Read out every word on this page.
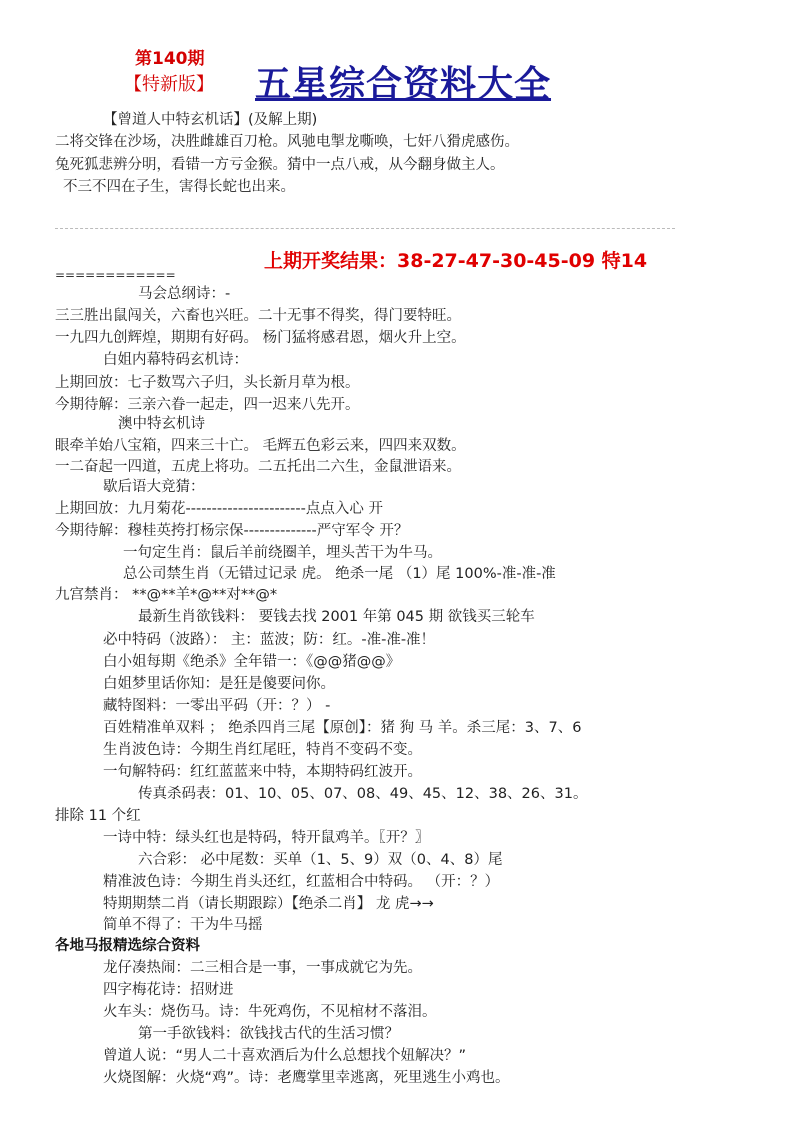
第140期
【特新版】 五星综合资料大全
【曾道人中特玄机话】(及解上期)
二将交锋在沙场，决胜雌雄百刀枪。风驰电掣龙嘶唤，七奸八猾虎感伤。
兔死狐悲辨分明，看错一方亏金猴。猜中一点八戒，从今翻身做主人。
不三不四在子生，害得长蛇也出来。
上期开奖结果：38-27-47-30-45-09 特14
============
马会总纲诗：-
三三胜出鼠闯关，六畜也兴旺。二十无事不得奖，得门要特旺。
一九四九创辉煌，期期有好码。 杨门猛将感君恩，烟火升上空。
白姐内幕特码玄机诗：
上期回放：七子数骂六子归，头长新月草为根。
今期待解：三亲六眷一起走，四一迟来八先开。
澳中特玄机诗
眼牵羊始八宝箱，四来三十亡。 毛辉五色彩云来，四四来双数。
一二奋起一四道，五虎上将功。二五托出二六生，金鼠泄语来。
歇后语大竞猜：
上期回放：九月菊花-----------------------点点入心 开
今期待解：穆桂英挎打杨宗保--------------严守军令 开？
一句定生肖：鼠后羊前绕圈羊，埋头苦干为牛马。
总公司禁生肖（无错过记录 虎。 绝杀一尾 （1）尾 100%-准-准-准
九宫禁肖： **@**羊*@**对**@*
最新生肖欲钱料： 要钱去找 2001 年第 045 期 欲钱买三轮车
必中特码（波路）： 主：蓝波；防：红。-准-准-准！
白小姐每期《绝杀》全年错一：《@@猪@@》
白姐梦里话你知：是狂是傻要问你。
藏特图料：一零出平码（开：？） -
百姓精准单双料 ； 绝杀四肖三尾【原创】：猪 狗 马 羊。杀三尾：3、7、6
生肖波色诗：今期生肖红尾旺，特肖不变码不变。
一句解特码：红红蓝蓝来中特，本期特码红波开。
传真杀码表：01、10、05、07、08、49、45、12、38、26、31。
排除 11 个红
一诗中特：绿头红也是特码，特开鼠鸡羊。〖开？〗
六合彩： 必中尾数：买单（1、5、9）双（0、4、8）尾
精准波色诗：今期生肖头还红，红蓝相合中特码。 （开：？）
特期期禁二肖（请长期跟踪）【绝杀二肖】 龙 虎→→
简单不得了：干为牛马摇
各地马报精选综合资料
龙仔凑热闹：二三相合是一事，一事成就它为先。
四字梅花诗：招财进
火车头：烧伤马。诗：牛死鸡伤，不见棺材不落泪。
第一手欲钱料：欲钱找古代的生活习惯？
曾道人说：“男人二十喜欢酒后为什么总想找个妞解决？”
火烧图解：火烧“鸡”。诗：老鹰掌里幸逃离，死里逃生小鸡也。
